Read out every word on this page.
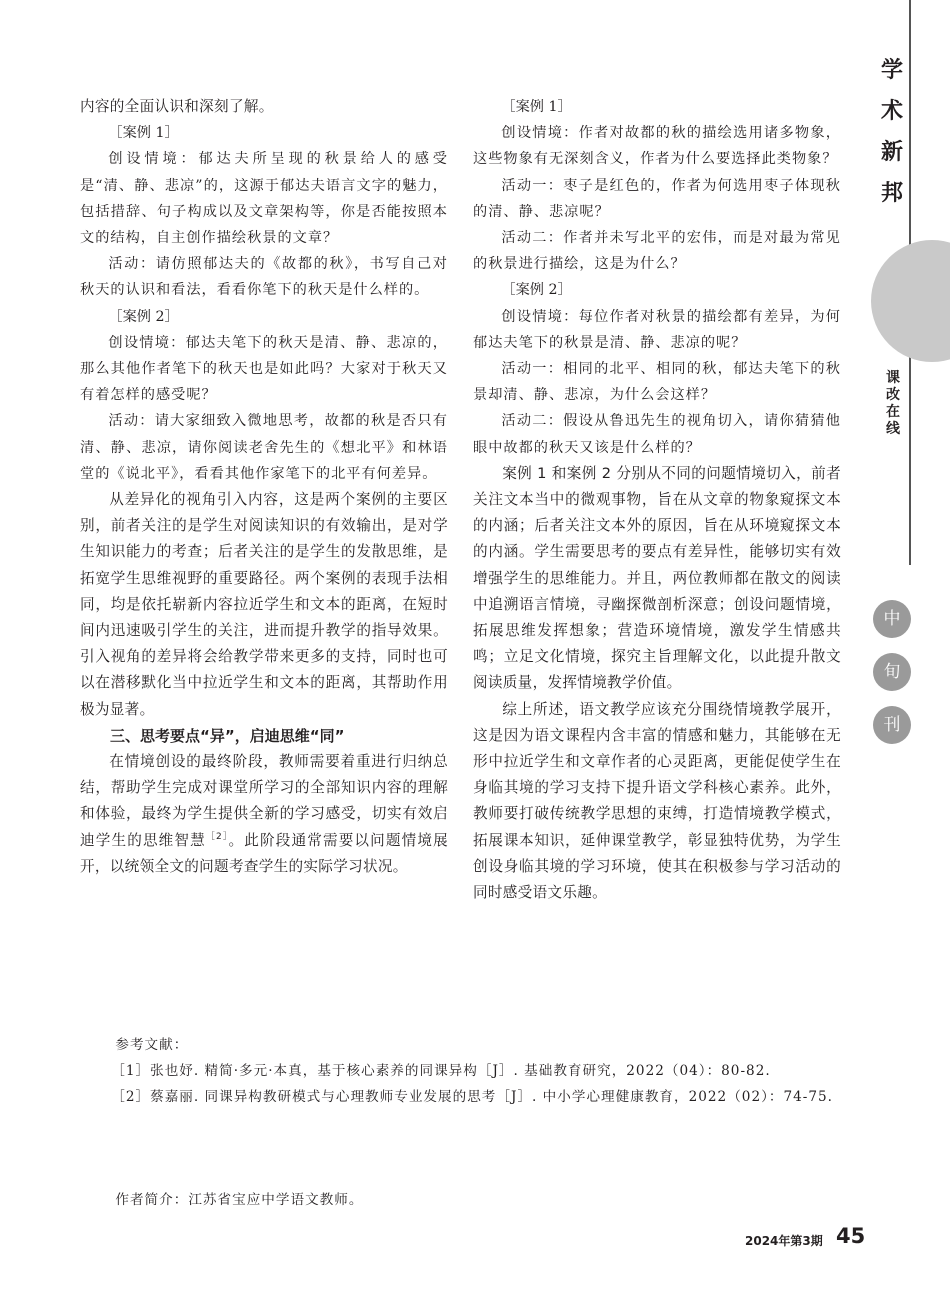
内容的全面认识和深刻了解。

［案例 1］

创设情境：郁达夫所呈现的秋景给人的感受是“清、静、悲凉”的，这源于郁达夫语言文字的魅力，包括措辞、句子构成以及文章架构等，你是否能按照本文的结构，自主创作描绘秋景的文章？

活动：请仿照郁达夫的《故都的秋》，书写自己对秋天的认识和看法，看看你笔下的秋天是什么样的。

［案例 2］

创设情境：郁达夫笔下的秋天是清、静、悲凉的，那么其他作者笔下的秋天也是如此吗？大家对于秋天又有着怎样的感受呢？

活动：请大家细致入微地思考，故都的秋是否只有清、静、悲凉，请你阅读老舍先生的《想北平》和林语堂的《说北平》，看看其他作家笔下的北平有何差异。

从差异化的视角引入内容，这是两个案例的主要区别，前者关注的是学生对阅读知识的有效输出，是对学生知识能力的考查；后者关注的是学生的发散思维，是拓宽学生思维视野的重要路径。两个案例的表现手法相同，均是依托崭新内容拉近学生和文本的距离，在短时间内迅速吸引学生的关注，进而提升教学的指导效果。引入视角的差异将会给教学带来更多的支持，同时也可以在潜移默化当中拉近学生和文本的距离，其帮助作用极为显著。

三、思考要点“异”，启迪思维“同”

在情境创设的最终阶段，教师需要着重进行归纳总结，帮助学生完成对课堂所学习的全部知识内容的理解和体验，最终为学生提供全新的学习感受，切实有效启迪学生的思维智慧$^{[2]}$。此阶段通常需要以问题情境展开，以统领全文的问题考查学生的实际学习状况。

［案例 1］

创设情境：作者对故都的秋的描绘选用诸多物象，这些物象有无深刻含义，作者为什么要选择此类物象？

活动一：枣子是红色的，作者为何选用枣子体现秋的清、静、悲凉呢？

活动二：作者并未写北平的宏伟，而是对最为常见的秋景进行描绘，这是为什么？

［案例 2］

创设情境：每位作者对秋景的描绘都有差异，为何郁达夫笔下的秋景是清、静、悲凉的呢？

活动一：相同的北平、相同的秋，郁达夫笔下的秋景却清、静、悲凉，为什么会这样？

活动二：假设从鲁迅先生的视角切入，请你猜猜他眼中故都的秋天又该是什么样的？

案例 1 和案例 2 分别从不同的问题情境切入，前者关注文本当中的微观事物，旨在从文章的物象窥探文本的内涵；后者关注文本外的原因，旨在从环境窥探文本的内涵。学生需要思考的要点有差异性，能够切实有效增强学生的思维能力。并且，两位教师都在散文的阅读中追溯语言情境，寻幽探微剖析深意；创设问题情境，拓展思维发挥想象；营造环境情境，激发学生情感共鸣；立足文化情境，探究主旨理解文化，以此提升散文阅读质量，发挥情境教学价值。

综上所述，语文教学应该充分围绕情境教学展开，这是因为语文课程内含丰富的情感和魅力，其能够在无形中拉近学生和文章作者的心灵距离，更能促使学生在身临其境的学习支持下提升语文学科核心素养。此外，教师要打破传统教学思想的束缚，打造情境教学模式，拓展课本知识，延伸课堂教学，彰显独特优势，为学生创设身临其境的学习环境，使其在积极参与学习活动的同时感受语文乐趣。

参考文献：

［1］张也妤. 精简·多元·本真，基于核心素养的同课异构［J］. 基础教育研究，2022（04）：80-82.

［2］蔡嘉丽. 同课异构教研模式与心理教师专业发展的思考［J］. 中小学心理健康教育，2022（02）：74-75.

作者简介：江苏省宝应中学语文教师。

2024年第3期 45
学
术
新
邦
课
改
在
线
中
旬
刊
